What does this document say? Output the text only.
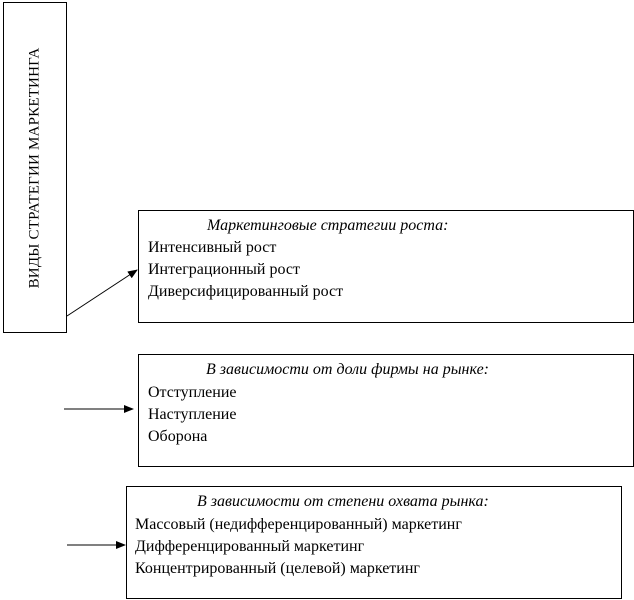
ВИДЫ СТРАТЕГИИ МАРКЕТИНГА	Маркетинговые стратегии роста:
Интенсивный рост
Интеграционный рост
Диверсифицированный рост
В зависимости от доли фирмы на рынке:
Отступление
Наступление
Оборона
В зависимости от степени охвата рынка:
Массовый (недифференцированный) маркетинг
Дифференцированный маркетинг
Концентрированный (целевой) маркетинг
